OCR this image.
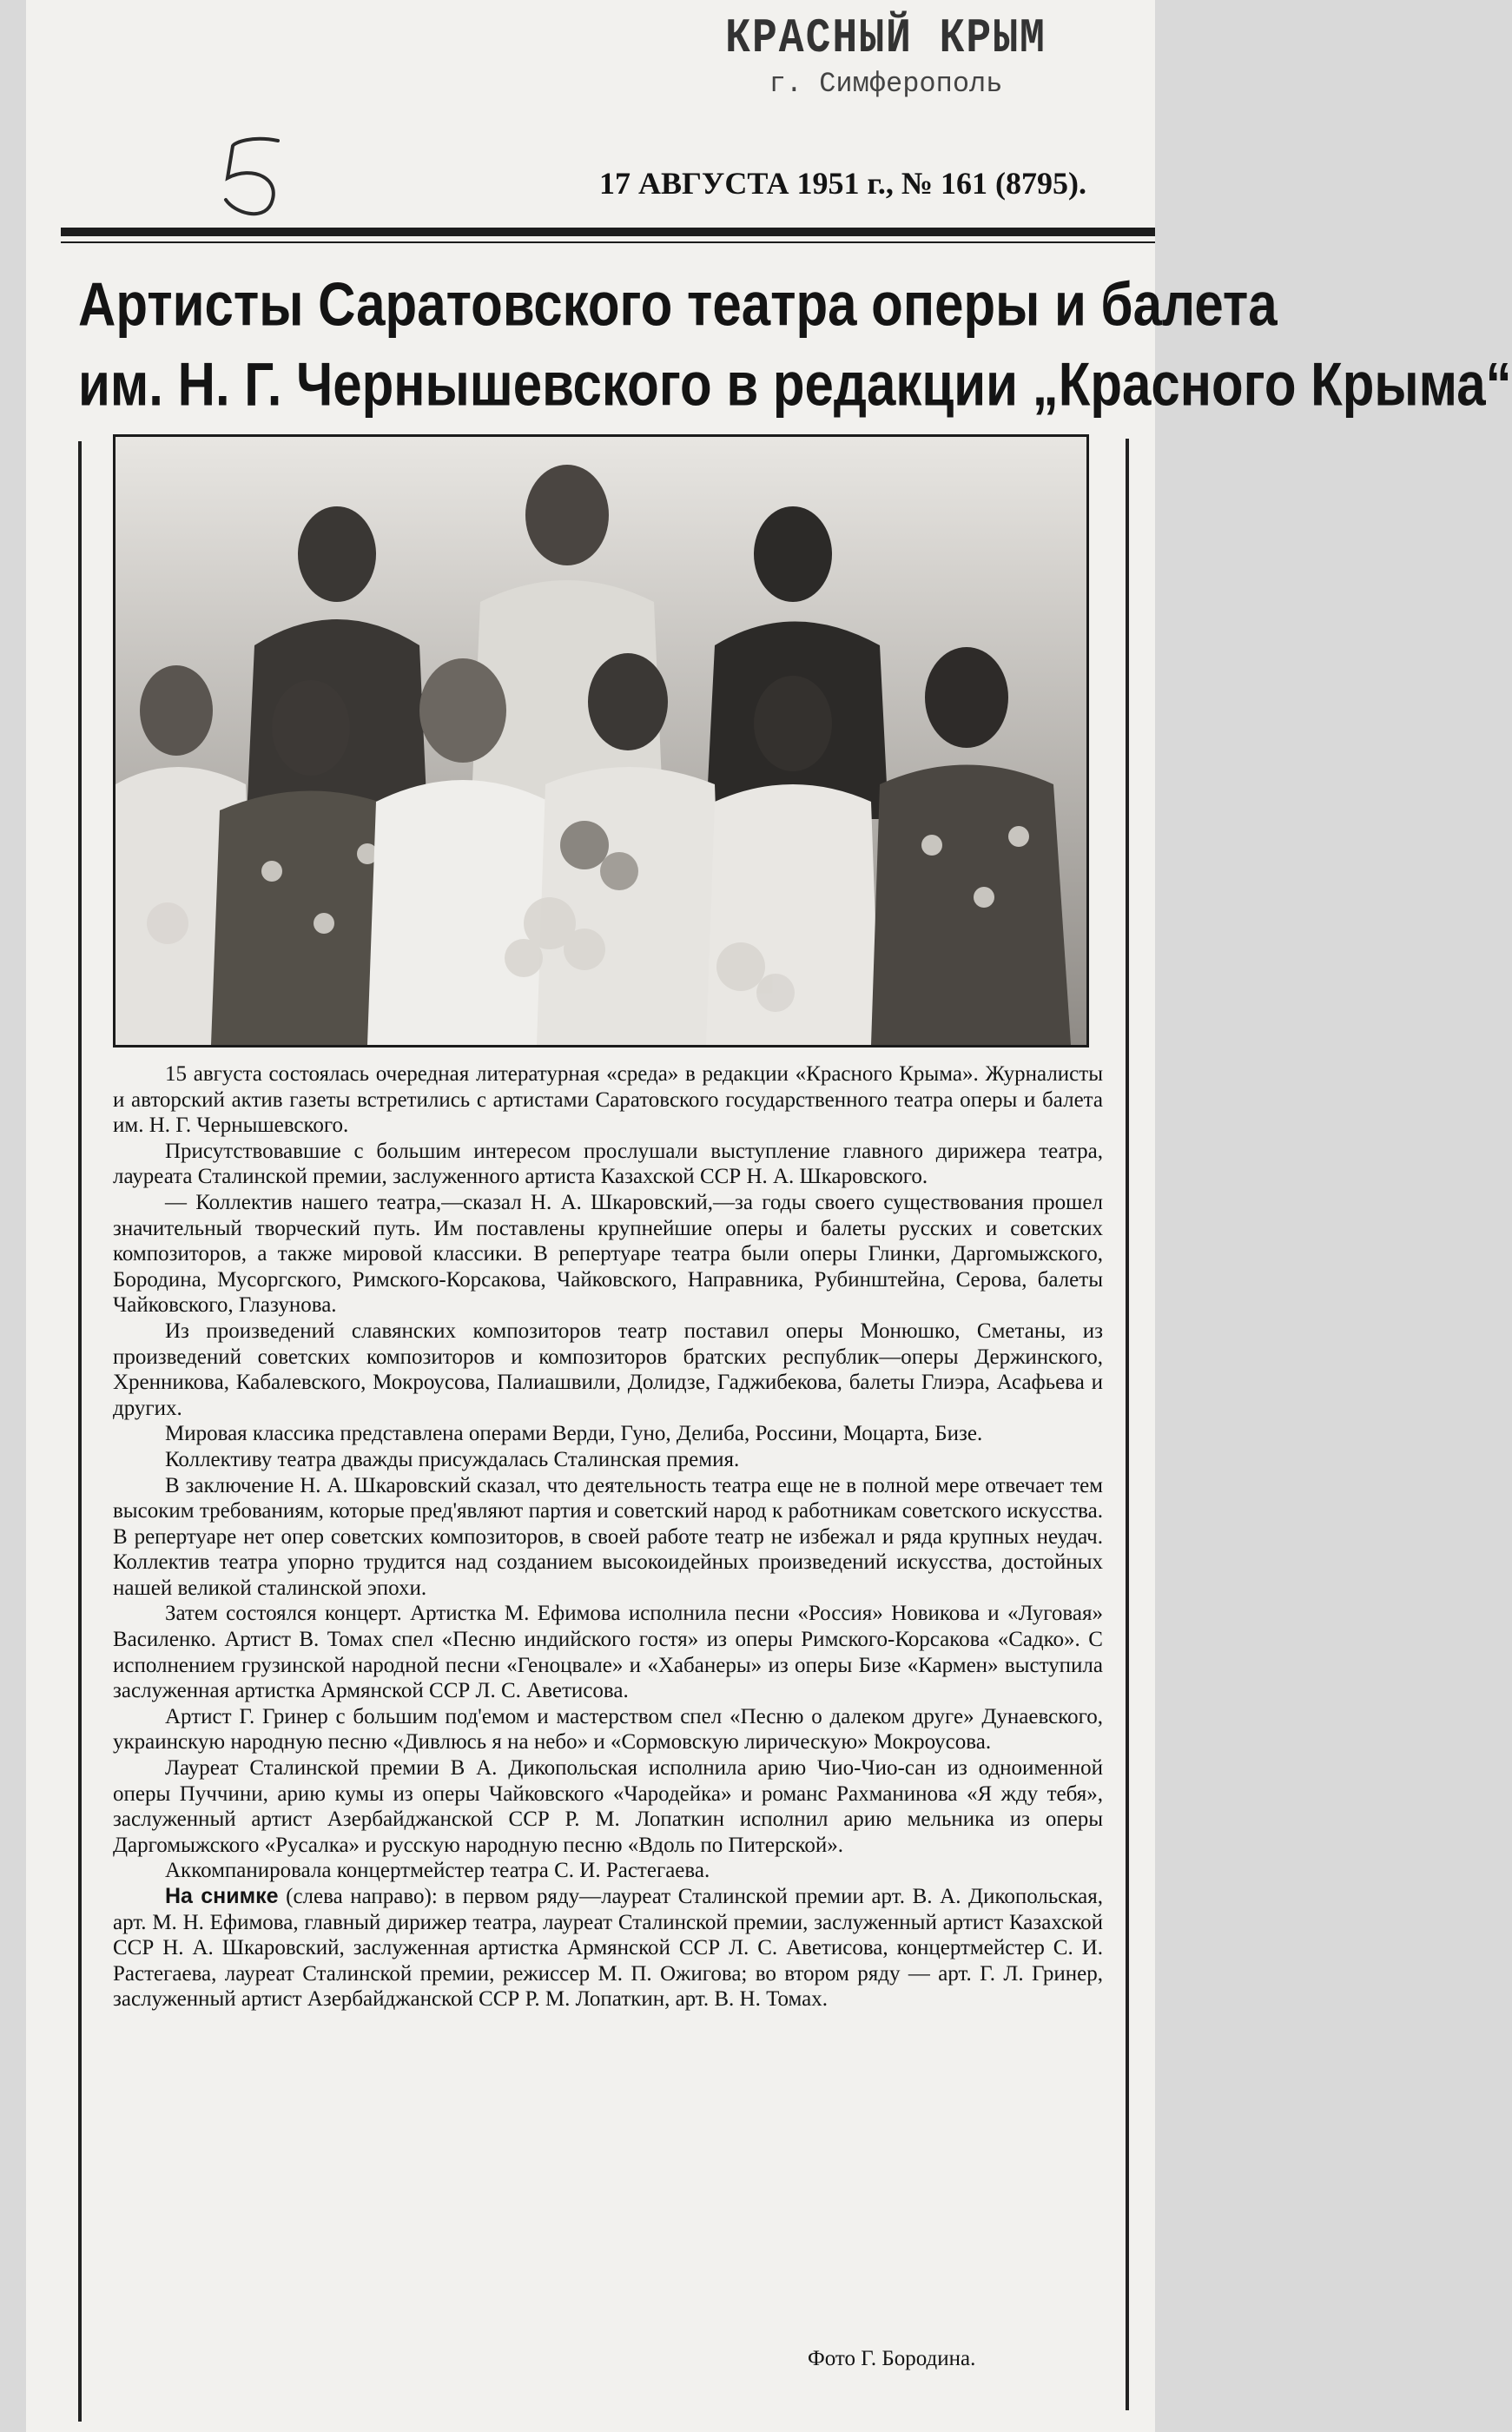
КРАСНЫЙ КРЫМ
г. Симферополь
17 АВГУСТА 1951 г., № 161 (8795).
Артисты Саратовского театра оперы и балета
им. Н. Г. Чернышевского в редакции „Красного Крыма“

15 августа состоялась очередная литературная «среда» в редакции «Красного Крыма». Журналисты и авторский актив газеты встретились с артистами Саратовского государственного театра оперы и балета им. Н. Г. Чернышевского.

Присутствовавшие с большим интересом прослушали выступление главного дирижера театра, лауреата Сталинской премии, заслуженного артиста Казахской ССР Н. А. Шкаровского.

— Коллектив нашего театра,—сказал Н. А. Шкаровский,—за годы своего существования прошел значительный творческий путь. Им поставлены крупнейшие оперы и балеты русских и советских композиторов, а также мировой классики. В репертуаре театра были оперы Глинки, Даргомыжского, Бородина, Мусоргского, Римского-Корсакова, Чайковского, Направника, Рубинштейна, Серова, балеты Чайковского, Глазунова.

Из произведений славянских композиторов театр поставил оперы Монюшко, Сметаны, из произведений советских композиторов и композиторов братских республик—оперы Держинского, Хренникова, Кабалевского, Мокроусова, Палиашвили, Долидзе, Гаджибекова, балеты Глиэра, Асафьева и других.

Мировая классика представлена операми Верди, Гуно, Делиба, Россини, Моцарта, Бизе.

Коллективу театра дважды присуждалась Сталинская премия.

В заключение Н. А. Шкаровский сказал, что деятельность театра еще не в полной мере отвечает тем высоким требованиям, которые пред'являют партия и советский народ к работникам советского искусства. В репертуаре нет опер советских композиторов, в своей работе театр не избежал и ряда крупных неудач. Коллектив театра упорно трудится над созданием высокоидейных произведений искусства, достойных нашей великой сталинской эпохи.

Затем состоялся концерт. Артистка М. Ефимова исполнила песни «Россия» Новикова и «Луговая» Василенко. Артист В. Томах спел «Песню индийского гостя» из оперы Римского-Корсакова «Садко». С исполнением грузинской народной песни «Геноцвале» и «Хабанеры» из оперы Бизе «Кармен» выступила заслуженная артистка Армянской ССР Л. С. Аветисова.

Артист Г. Гринер с большим под'емом и мастерством спел «Песню о далеком друге» Дунаевского, украинскую народную песню «Дивлюсь я на небо» и «Сормовскую лирическую» Мокроусова.

Лауреат Сталинской премии В А. Дикопольская исполнила арию Чио-Чио-сан из одноименной оперы Пуччини, арию кумы из оперы Чайковского «Чародейка» и романс Рахманинова «Я жду тебя», заслуженный артист Азербайджанской ССР Р. М. Лопаткин исполнил арию мельника из оперы Даргомыжского «Русалка» и русскую народную песню «Вдоль по Питерской».

Аккомпанировала концертмейстер театра С. И. Растегаева.

На снимке (слева направо): в первом ряду—лауреат Сталинской премии арт. В. А. Дикопольская, арт. М. Н. Ефимова, главный дирижер театра, лауреат Сталинской премии, заслуженный артист Казахской ССР Н. А. Шкаровский, заслуженная артистка Армянской ССР Л. С. Аветисова, концертмейстер С. И. Растегаева, лауреат Сталинской премии, режиссер М. П. Ожигова; во втором ряду — арт. Г. Л. Гринер, заслуженный артист Азербайджанской ССР Р. М. Лопаткин, арт. В. Н. Томах.

Фото Г. Бородина.
